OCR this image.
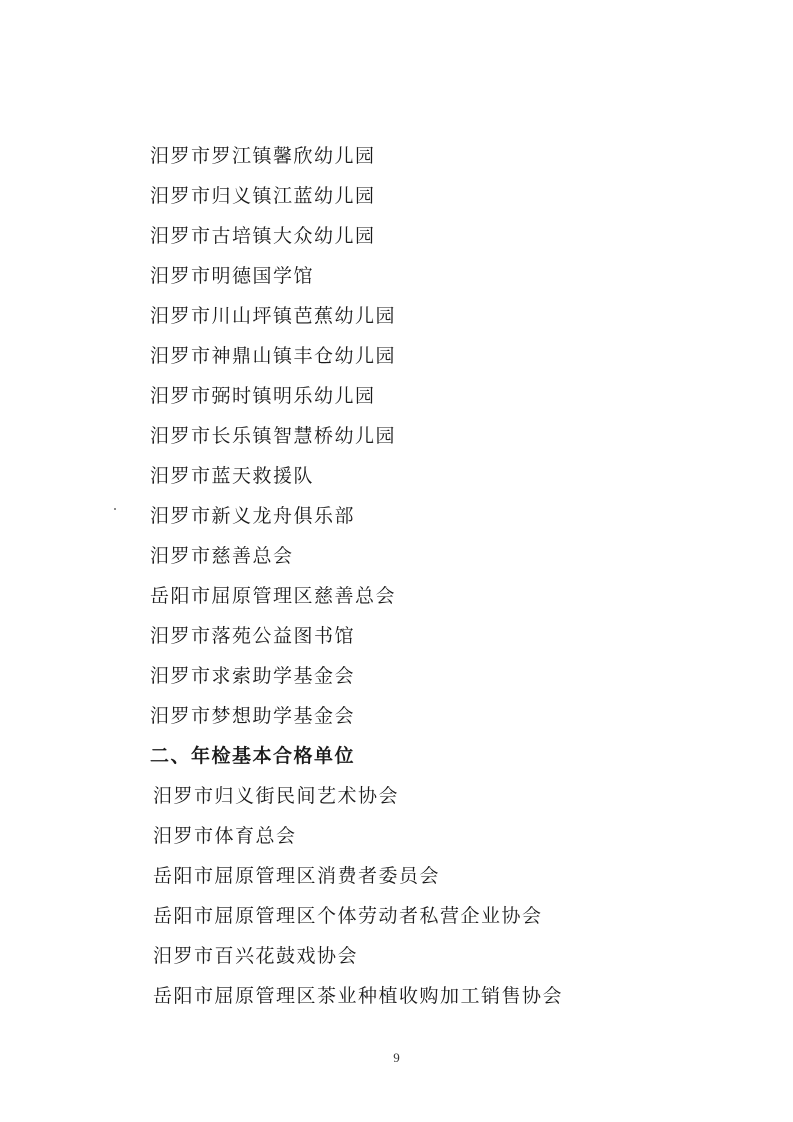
汨罗市罗江镇馨欣幼儿园
汨罗市归义镇江蓝幼儿园
汨罗市古培镇大众幼儿园
汨罗市明德国学馆
汨罗市川山坪镇芭蕉幼儿园
汨罗市神鼎山镇丰仓幼儿园
汨罗市弼时镇明乐幼儿园
汨罗市长乐镇智慧桥幼儿园
汨罗市蓝天救援队
汨罗市新义龙舟俱乐部
汨罗市慈善总会
岳阳市屈原管理区慈善总会
汨罗市落苑公益图书馆
汨罗市求索助学基金会
汨罗市梦想助学基金会
二、年检基本合格单位
汨罗市归义街民间艺术协会
汨罗市体育总会
岳阳市屈原管理区消费者委员会
岳阳市屈原管理区个体劳动者私营企业协会
汨罗市百兴花鼓戏协会
岳阳市屈原管理区茶业种植收购加工销售协会
9
